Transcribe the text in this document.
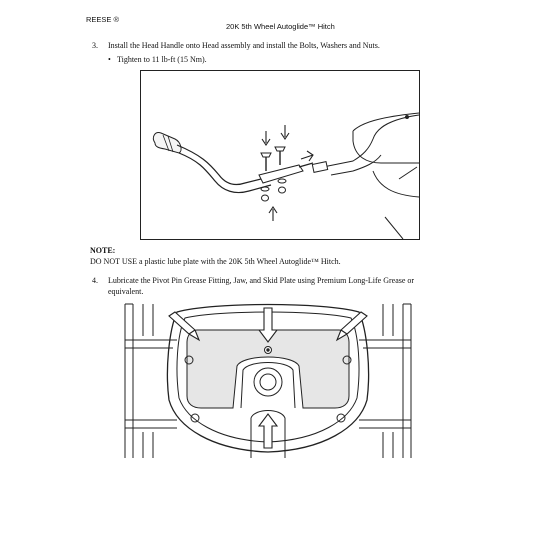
REESE ®
20K 5th Wheel Autoglide™ Hitch
3. Install the Head Handle onto Head assembly and install the Bolts, Washers and Nuts.
• Tighten to 11 lb-ft (15 Nm).
NOTE:
DO NOT USE a plastic lube plate with the 20K 5th Wheel Autoglide™ Hitch.
4. Lubricate the Pivot Pin Grease Fitting, Jaw, and Skid Plate using Premium Long-Life Grease or
equivalent.
